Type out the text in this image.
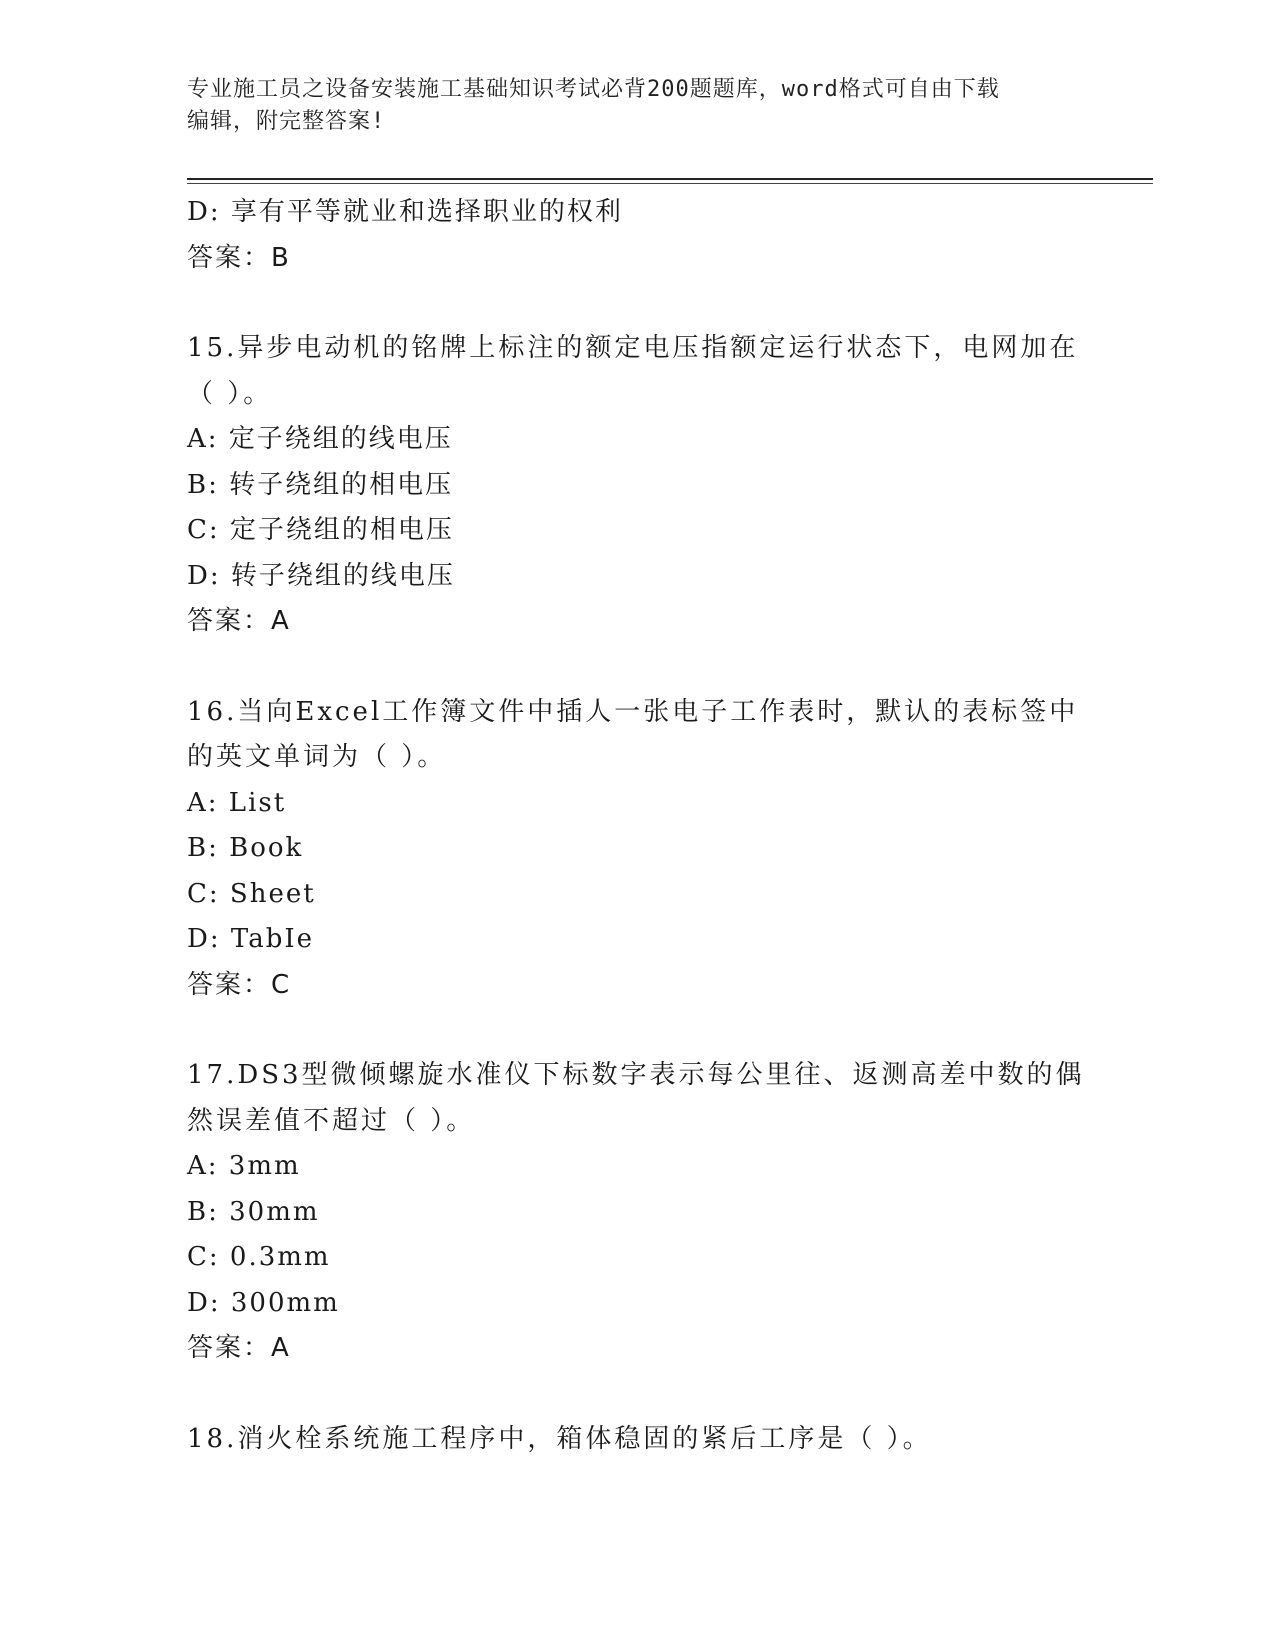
专业施工员之设备安装施工基础知识考试必背200题题库，word格式可自由下载
编辑，附完整答案!
D: 享有平等就业和选择职业的权利
答案：B
15.异步电动机的铭牌上标注的额定电压指额定运行状态下，电网加在
（ ）。
A: 定子绕组的线电压
B: 转子绕组的相电压
C: 定子绕组的相电压
D: 转子绕组的线电压
答案：A
16.当向Excel工作簿文件中插人一张电子工作表时，默认的表标签中
的英文单词为（ ）。
A: List
B: Book
C: Sheet
D: TabIe
答案：C
17.DS3型微倾螺旋水准仪下标数字表示每公里往、返测高差中数的偶
然误差值不超过（ ）。
A: 3mm
B: 30mm
C: 0.3mm
D: 300mm
答案：A
18.消火栓系统施工程序中，箱体稳固的紧后工序是（ ）。
